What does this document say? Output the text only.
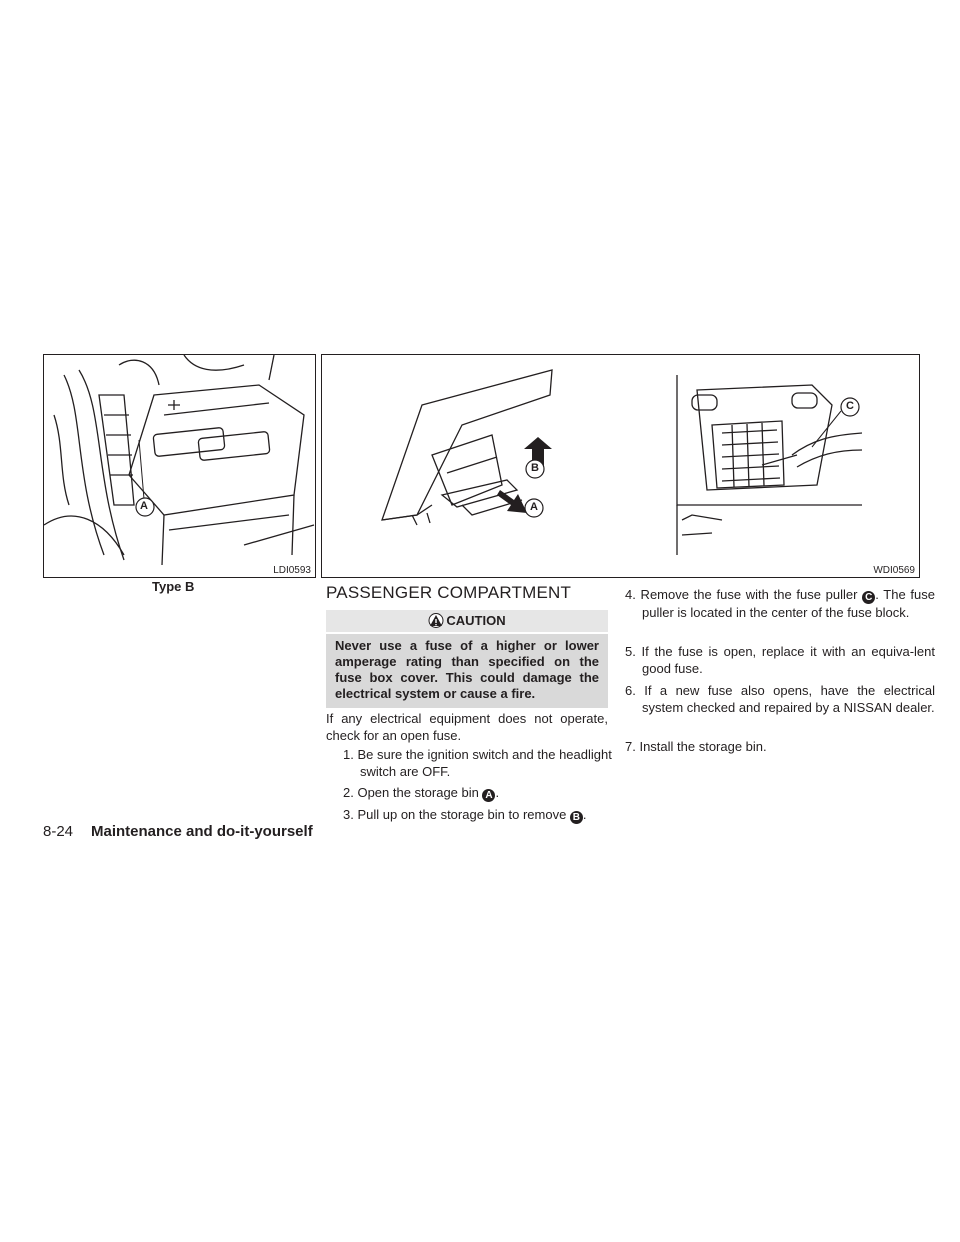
A
LDI0593
Type B
B
A
C
WDI0569
PASSENGER COMPARTMENT
CAUTION
Never use a fuse of a higher or lower amperage rating than specified on the fuse box cover. This could damage the electrical system or cause a fire.
If any electrical equipment does not operate, check for an open fuse.
1. Be sure the ignition switch and the headlight switch are OFF.
2. Open the storage bin A .
3. Pull up on the storage bin to remove B .
4. Remove the fuse with the fuse puller C . The fuse puller is located in the center of the fuse block.
5. If the fuse is open, replace it with an equiva-lent good fuse.
6. If a new fuse also opens, have the electrical system checked and repaired by a NISSAN dealer.
7. Install the storage bin.
8-24 Maintenance and do-it-yourself
